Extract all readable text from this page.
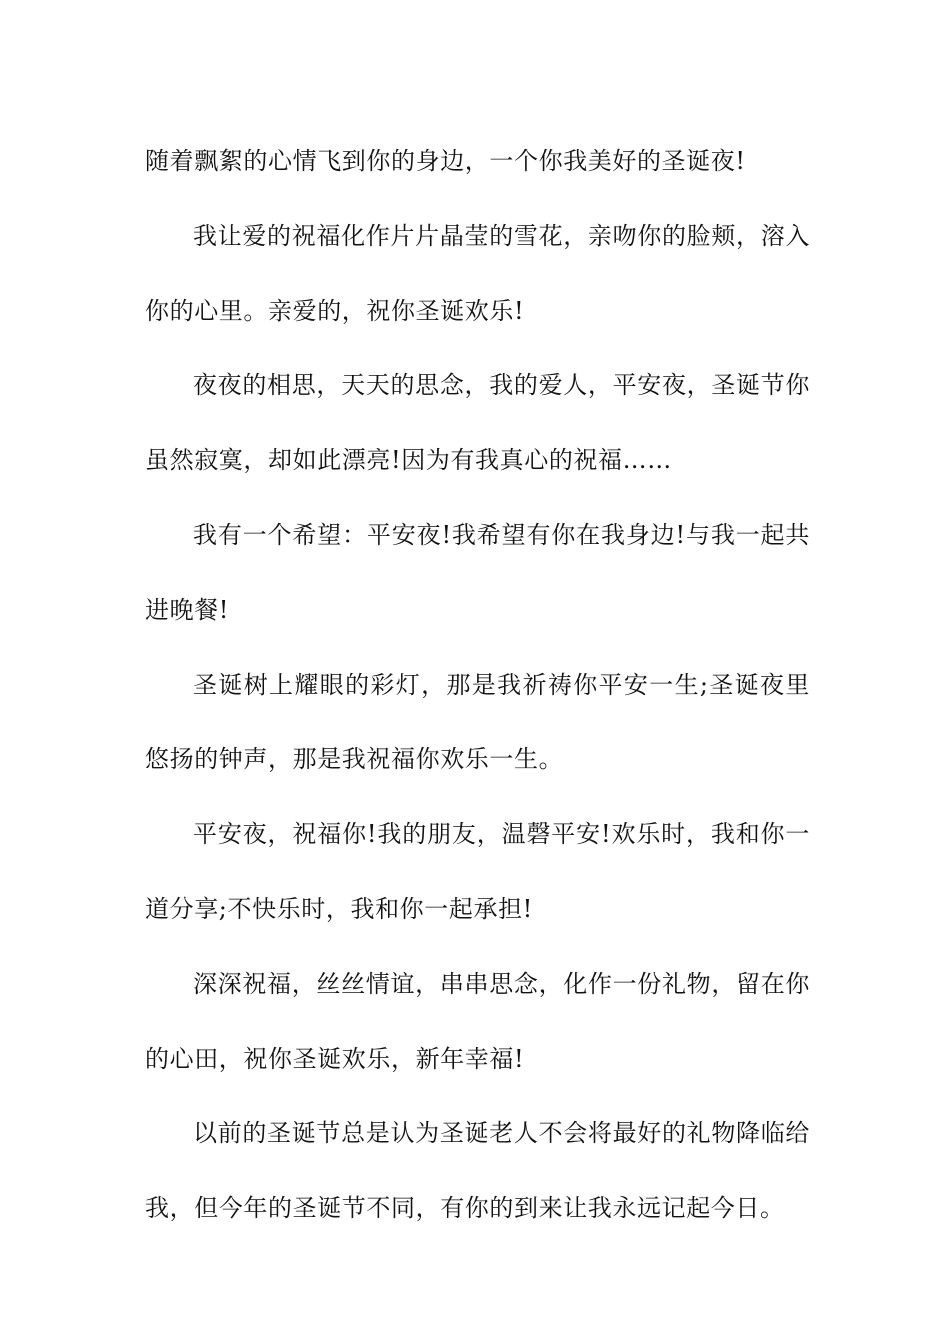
随着飘絮的心情飞到你的身边，一个你我美好的圣诞夜!

我让爱的祝福化作片片晶莹的雪花，亲吻你的脸颊，溶入你的心里。亲爱的，祝你圣诞欢乐!

夜夜的相思，天天的思念，我的爱人，平安夜，圣诞节你虽然寂寞，却如此漂亮!因为有我真心的祝福……

我有一个希望：平安夜!我希望有你在我身边!与我一起共进晚餐!

圣诞树上耀眼的彩灯，那是我祈祷你平安一生;圣诞夜里悠扬的钟声，那是我祝福你欢乐一生。

平安夜，祝福你!我的朋友，温磬平安!欢乐时，我和你一道分享;不快乐时，我和你一起承担!

深深祝福，丝丝情谊，串串思念，化作一份礼物，留在你的心田，祝你圣诞欢乐，新年幸福!

以前的圣诞节总是认为圣诞老人不会将最好的礼物降临给我，但今年的圣诞节不同，有你的到来让我永远记起今日。
